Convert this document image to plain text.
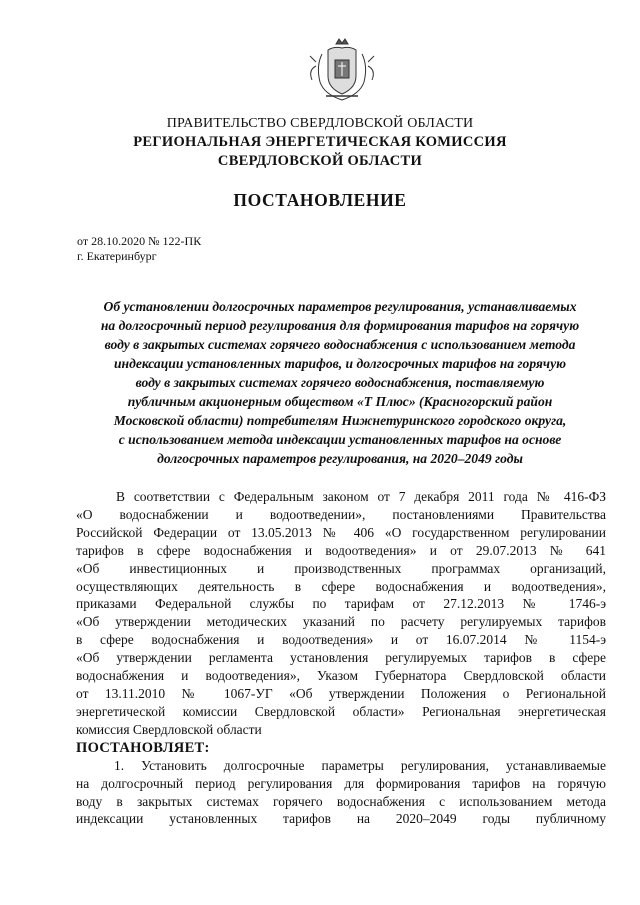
ПРАВИТЕЛЬСТВО СВЕРДЛОВСКОЙ ОБЛАСТИ
РЕГИОНАЛЬНАЯ ЭНЕРГЕТИЧЕСКАЯ КОМИССИЯ
СВЕРДЛОВСКОЙ ОБЛАСТИ
ПОСТАНОВЛЕНИЕ
от 28.10.2020 № 122-ПК
г. Екатеринбург
Об установлении долгосрочных параметров регулирования, устанавливаемых
на долгосрочный период регулирования для формирования тарифов на горячую
воду в закрытых системах горячего водоснабжения с использованием метода
индексации установленных тарифов, и долгосрочных тарифов на горячую
воду в закрытых системах горячего водоснабжения, поставляемую
публичным акционерным обществом «Т Плюс» (Красногорский район
Московской области) потребителям Нижнетуринского городского округа,
с использованием метода индексации установленных тарифов на основе
долгосрочных параметров регулирования, на 2020–2049 годы
В соответствии с Федеральным законом от 7 декабря 2011 года № 416-ФЗ
«О водоснабжении и водоотведении», постановлениями Правительства
Российской Федерации от 13.05.2013 № 406 «О государственном регулировании
тарифов в сфере водоснабжения и водоотведения» и от 29.07.2013 № 641
«Об инвестиционных и производственных программах организаций,
осуществляющих деятельность в сфере водоснабжения и водоотведения»,
приказами Федеральной службы по тарифам от 27.12.2013 № 1746-э
«Об утверждении методических указаний по расчету регулируемых тарифов
в сфере водоснабжения и водоотведения» и от 16.07.2014 № 1154-э
«Об утверждении регламента установления регулируемых тарифов в сфере
водоснабжения и водоотведения», Указом Губернатора Свердловской области
от 13.11.2010 № 1067-УГ «Об утверждении Положения о Региональной
энергетической комиссии Свердловской области» Региональная энергетическая
комиссия Свердловской области
ПОСТАНОВЛЯЕТ:
1. Установить долгосрочные параметры регулирования, устанавливаемые
на долгосрочный период регулирования для формирования тарифов на горячую
воду в закрытых системах горячего водоснабжения с использованием метода
индексации установленных тарифов на 2020–2049 годы публичному
